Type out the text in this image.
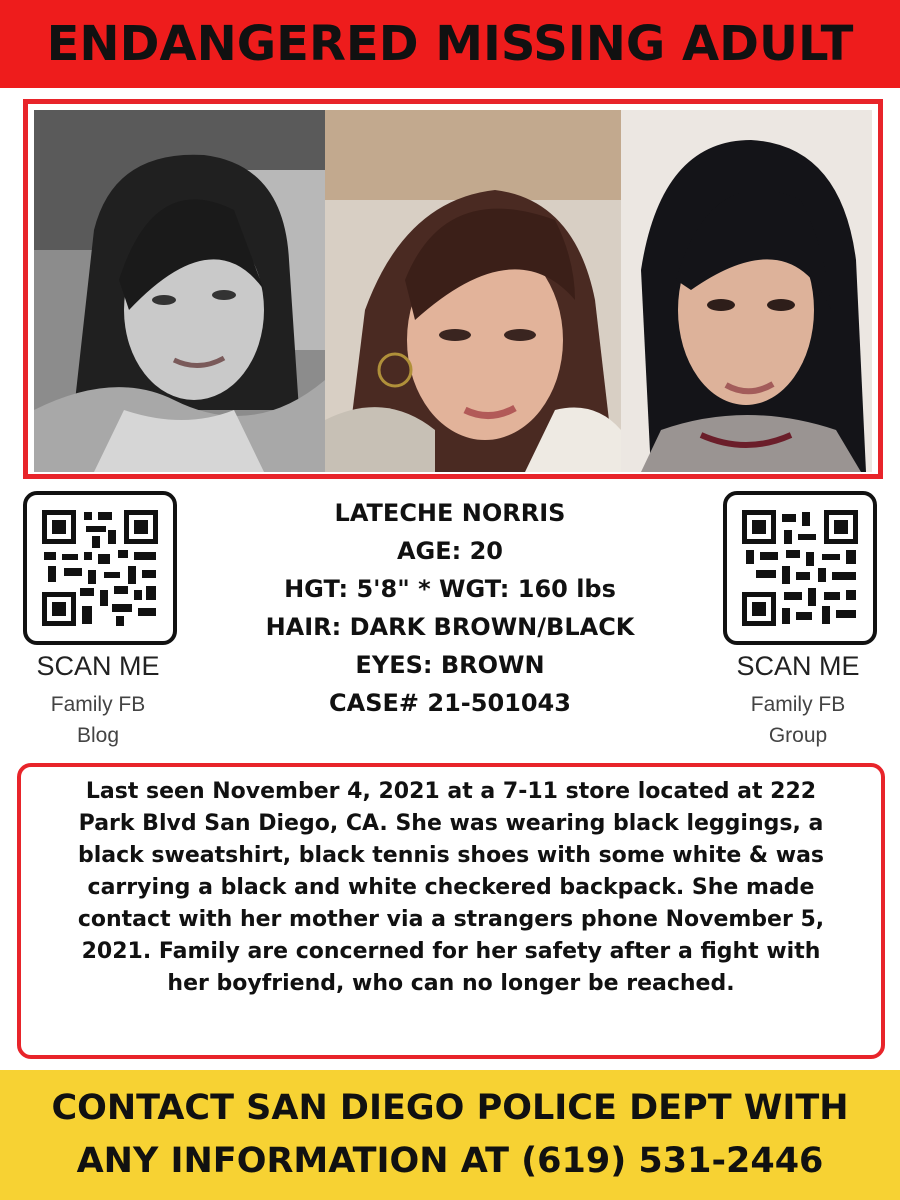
ENDANGERED MISSING ADULT
SCAN ME
Family FB
Blog
SCAN ME
Family FB
Group
LATECHE NORRIS
AGE: 20
HGT: 5'8" * WGT: 160 lbs
HAIR: DARK BROWN/BLACK
EYES: BROWN
CASE# 21-501043
Last seen November 4, 2021 at a 7-11 store located at 222
Park Blvd San Diego, CA. She was wearing black leggings, a
black sweatshirt, black tennis shoes with some white & was
carrying a black and white checkered backpack. She made
contact with her mother via a strangers phone November 5,
2021. Family are concerned for her safety after a fight with
her boyfriend, who can no longer be reached.
CONTACT SAN DIEGO POLICE DEPT WITH
ANY INFORMATION AT (619) 531-2446
